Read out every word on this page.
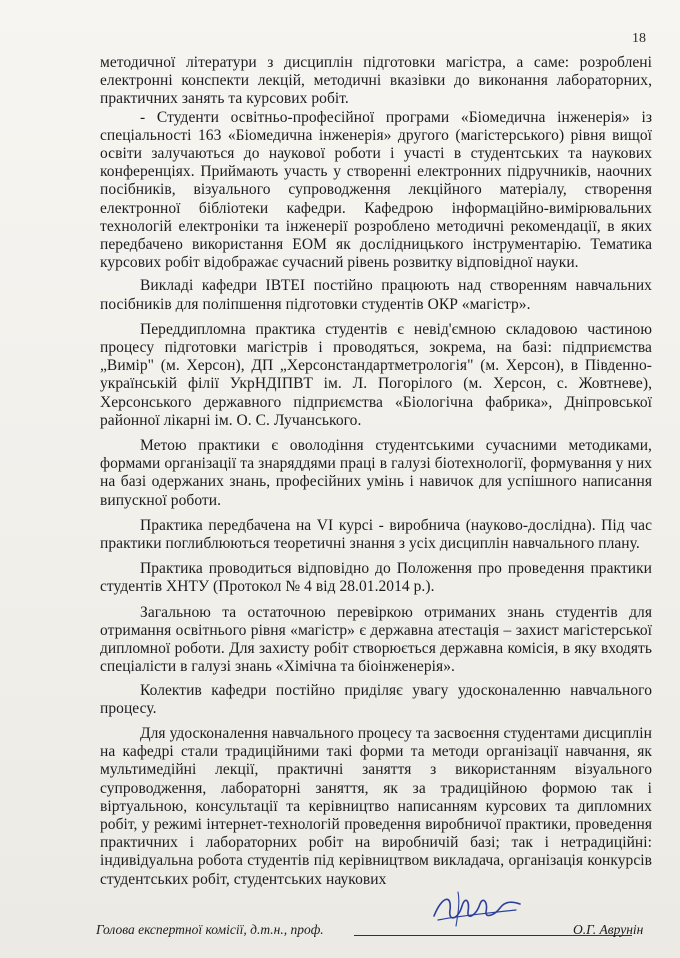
18

методичної літератури з дисциплін підготовки магістра, а саме: розроблені електронні конспекти лекцій, методичні вказівки до виконання лабораторних, практичних занять та курсових робіт.

- Студенти освітньо-професійної програми «Біомедична інженерія» із спеціальності 163 «Біомедична інженерія» другого (магістерського) рівня вищої освіти залучаються до наукової роботи і участі в студентських та наукових конференціях. Приймають участь у створенні електронних підручників, наочних посібників, візуального супроводження лекційного матеріалу, створення електронної бібліотеки кафедри. Кафедрою інформаційно-вимірювальних технологій електроніки та інженерії розроблено методичні рекомендації, в яких передбачено використання ЕОМ як дослідницького інструментарію. Тематика курсових робіт відображає сучасний рівень розвитку відповідної науки.

Викладі кафедри ІВТЕІ постійно працюють над створенням навчальних посібників для поліпшення підготовки студентів ОКР «магістр».

Переддипломна практика студентів є невід'ємною складовою частиною процесу підготовки магістрів і проводяться, зокрема, на базі: підприємства „Вимір" (м. Херсон), ДП „Херсонстандартметрологія" (м. Херсон), в Південно-українській філії УкрНДІПВТ ім. Л. Погорілого (м. Херсон, с. Жовтневе), Херсонського державного підприємства «Біологічна фабрика», Дніпровської районної лікарні ім. О. С. Лучанського.

Метою практики є оволодіння студентськими сучасними методиками, формами організації та знаряддями праці в галузі біотехнології, формування у них на базі одержаних знань, професійних умінь і навичок для успішного написання випускної роботи.

Практика передбачена на VI курсі - виробнича (науково-дослідна). Під час практики поглиблюються теоретичні знання з усіх дисциплін навчального плану.

Практика проводиться відповідно до Положення про проведення практики студентів ХНТУ (Протокол № 4 від 28.01.2014 р.).

Загальною та остаточною перевіркою отриманих знань студентів для отримання освітнього рівня «магістр» є державна атестація – захист магістерської дипломної роботи. Для захисту робіт створюється державна комісія, в яку входять спеціалісти в галузі знань «Хімічна та біоінженерія».

Колектив кафедри постійно приділяє увагу удосконаленню навчального процесу.

Для удосконалення навчального процесу та засвоєння студентами дисциплін на кафедрі стали традиційними такі форми та методи організації навчання, як мультимедійні лекції, практичні заняття з використанням візуального супроводження, лабораторні заняття, як за традиційною формою так і віртуальною, консультації та керівництво написанням курсових та дипломних робіт, у режимі інтернет-технологій проведення виробничої практики, проведення практичних і лабораторних робіт на виробничій базі; так і нетрадиційні: індивідуальна робота студентів під керівництвом викладача, організація конкурсів студентських робіт, студентських наукових

Голова експертної комісії, д.т.н., проф.	О.Г. Аврунін
